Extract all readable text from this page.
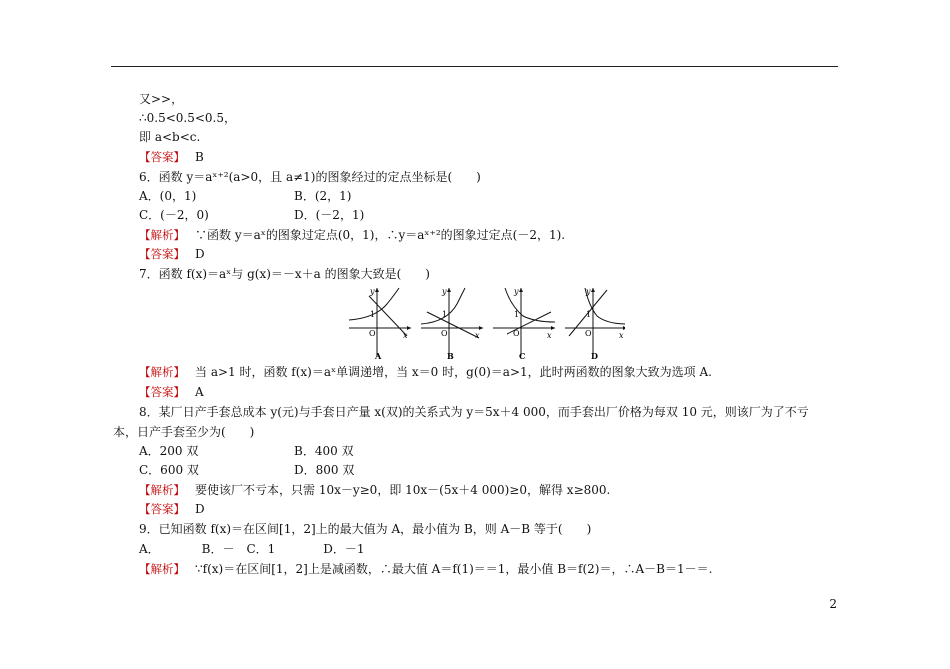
又>>，
∴0.5<0.5<0.5，
即 a<b<c.
【答案】 B
6．函数 y＝aˣ⁺²(a>0，且 a≠1)的图象经过的定点坐标是(　　)
A．(0，1)
C．(－2，0)
【解析】 ∵函数 y＝aˣ的图象过定点(0，1)，∴y＝aˣ⁺²的图象过定点(－2，1).
【答案】 D
7．函数 f(x)＝aˣ与 g(x)＝－x＋a 的图象大致是(　　)
【解析】 当 a>1 时，函数 f(x)＝aˣ单调递增，当 x＝0 时，g(0)＝a>1，此时两函数的图象大致为选项 A.
【答案】 A
8．某厂日产手套总成本 y(元)与手套日产量 x(双)的关系式为 y＝5x＋4 000，而手套出厂价格为每双 10 元，则该厂为了不亏
本，日产手套至少为(　　)
A．200 双
C．600 双
【解析】 要使该厂不亏本，只需 10x－y≥0，即 10x－(5x＋4 000)≥0，解得 x≥800.
【答案】 D
9．已知函数 f(x)＝在区间[1，2]上的最大值为 A，最小值为 B，则 A－B 等于(　　)
A．　　　　B．－　C．1　　　　D．－1
【解析】 ∵f(x)＝在区间[1，2]上是减函数，∴最大值 A＝f(1)＝＝1，最小值 B＝f(2)＝，∴A－B＝1－＝.
B．(2，1)
D．(－2，1)
B．400 双
D．800 双
x
y
O
1
A
x
y
O
1
B
x
y
O
1
C
x
y
O
1
D
2
